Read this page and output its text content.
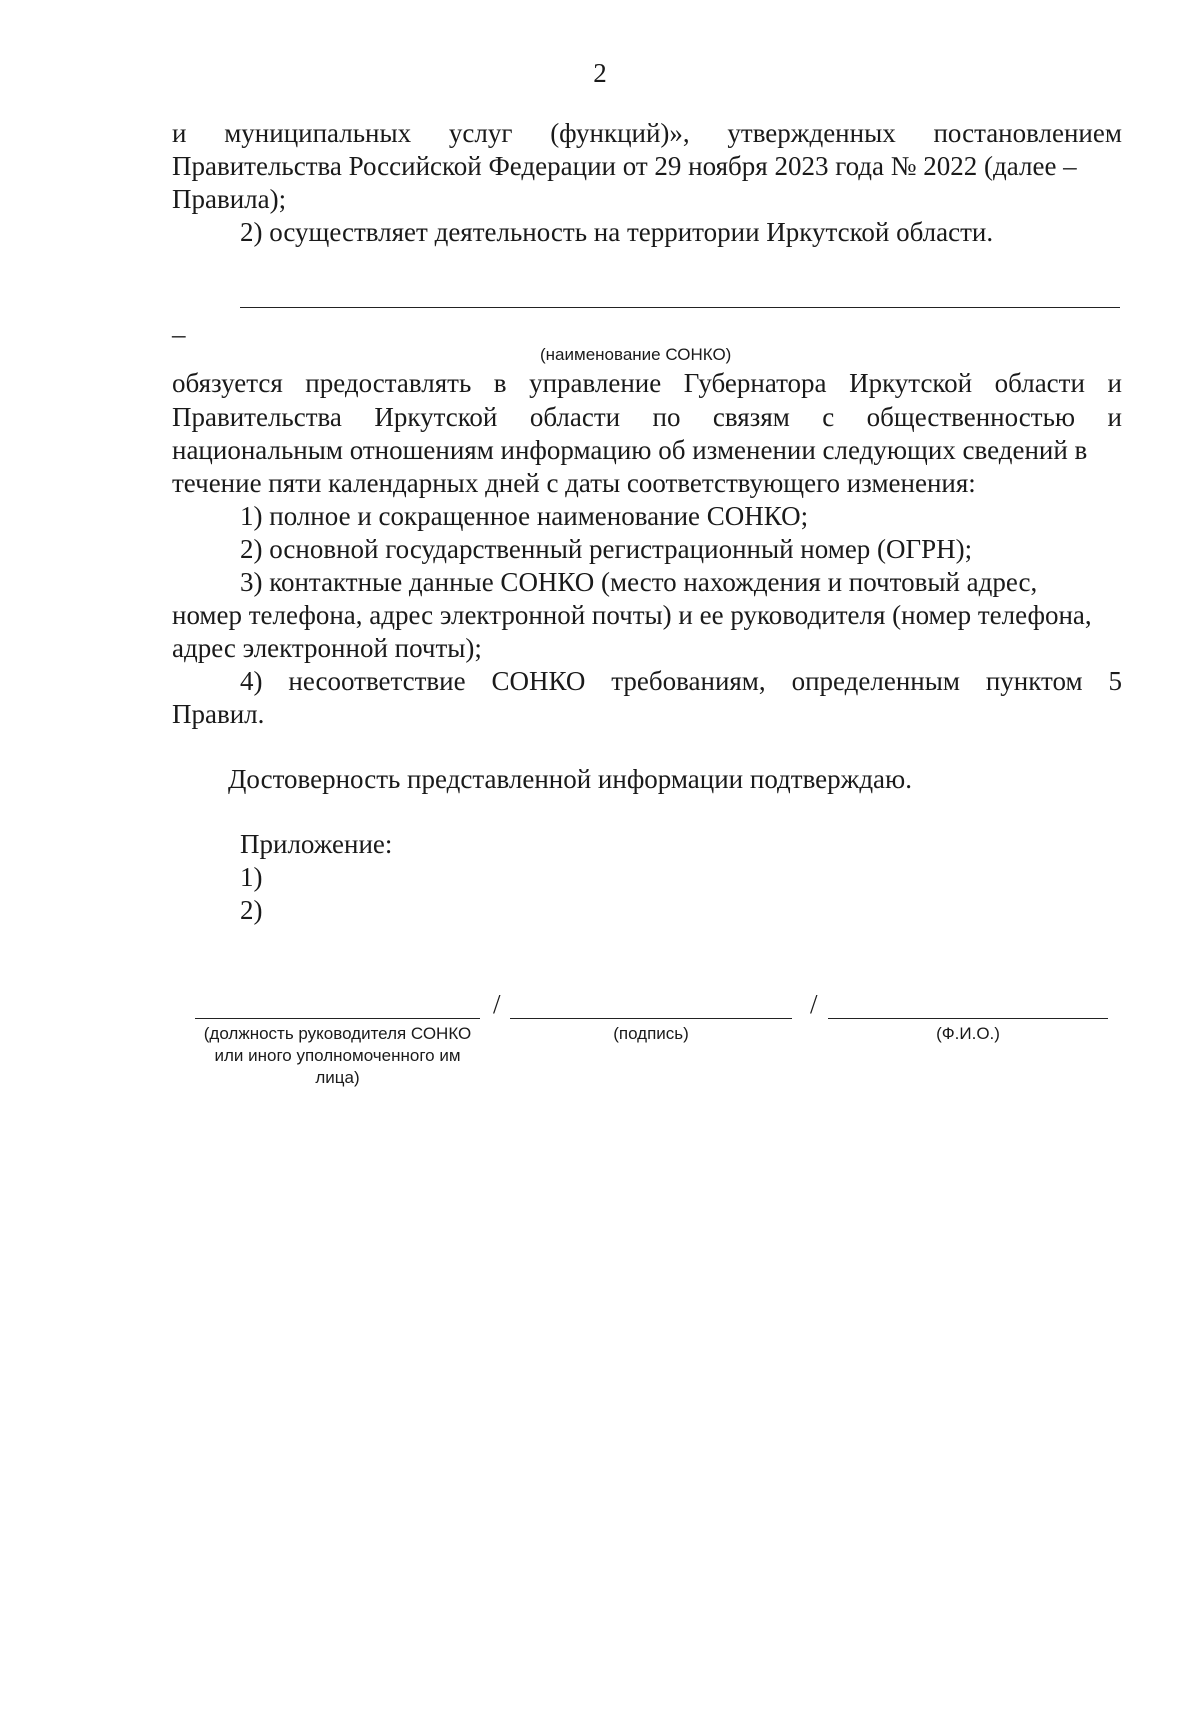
2
и муниципальных услуг (функций)», утвержденных постановлением
Правительства Российской Федерации от 29 ноября 2023 года № 2022 (далее –
Правила);
2) осуществляет деятельность на территории Иркутской области.
–
(наименование СОНКО)
обязуется предоставлять в управление Губернатора Иркутской области и
Правительства Иркутской области по связям с общественностью и
национальным отношениям информацию об изменении следующих сведений в
течение пяти календарных дней с даты соответствующего изменения:
1) полное и сокращенное наименование СОНКО;
2) основной государственный регистрационный номер (ОГРН);
3) контактные данные СОНКО (место нахождения и почтовый адрес,
номер телефона, адрес электронной почты) и ее руководителя (номер телефона,
адрес электронной почты);
4) несоответствие СОНКО требованиям, определенным пунктом 5
Правил.
Достоверность представленной информации подтверждаю.
Приложение:
1)
2)
/	/
(должность руководителя СОНКО
или иного уполномоченного им
лица)
(подпись)	(Ф.И.О.)
